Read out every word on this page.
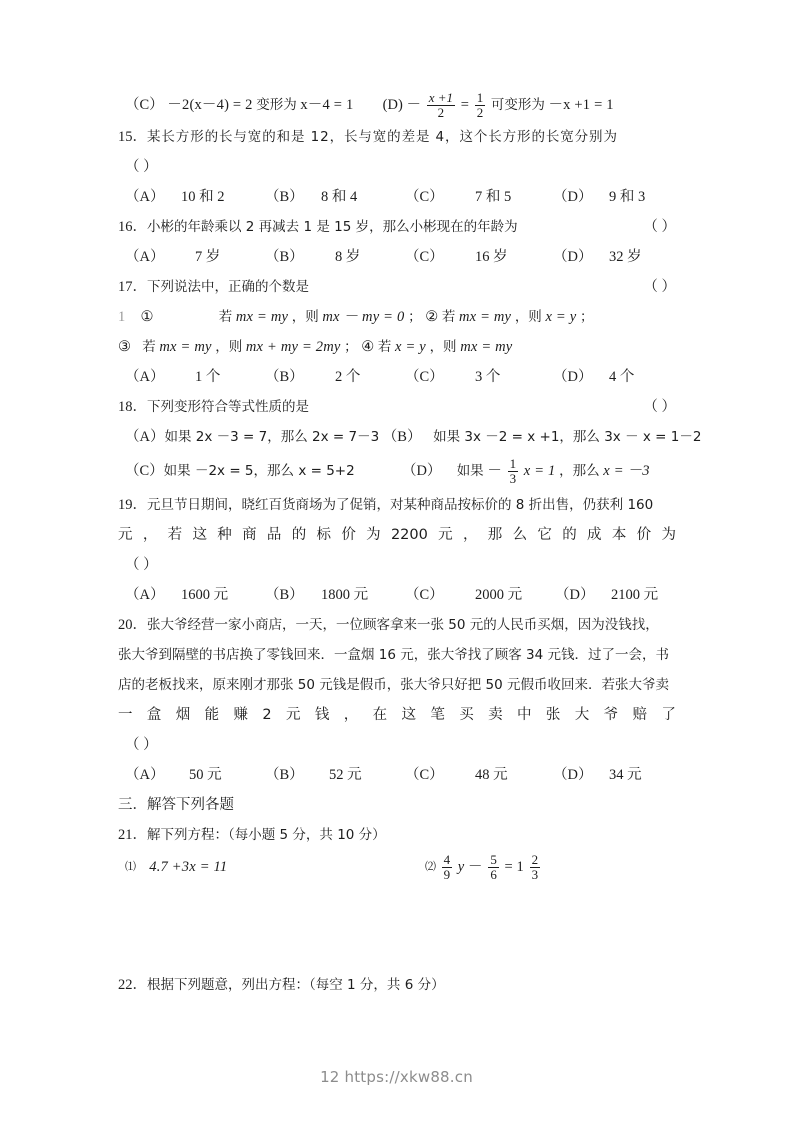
（C） －2(x－4) = 2 变形为 x－4 = 1 $(D) - \frac{x +1}{2} = \frac{1}{2}$ 可变形为 －x +1 = 1
15．某长方形的长与宽的和是 12，长与宽的差是 4，这个长方形的长宽分别为
（ ）
（A）	10 和 2	（B）	8 和 4	（C）	7 和 5	（D）	9 和 3
16．小彬的年龄乘以 2 再减去 1 是 15 岁，那么小彬现在的年龄为	（ ）
（A）	7 岁	（B）	8 岁	（C）	16 岁	（D）	32 岁
17．下列说法中，正确的个数是	（ ）
1 ①	若 mx = my ，则 mx － my = 0 ； ② 若 mx = my ，则 x = y ；
③ 若 mx = my ，则 mx + my = 2my ； ④ 若 x = y ，则 mx = my
（A）	1 个	（B）	2 个	（C）	3 个	（D）	4 个
18．下列变形符合等式性质的是	（ ）
（A）如果 2x －3 = 7，那么 2x = 7－3 （B） 如果 3x －2 = x +1，那么 3x － x = 1－2
（C）如果 －2x = 5，那么 x = 5+2	（D） 如果 － $\frac{1}{3}$ x = 1 ，那么 x = －3
19．元旦节日期间，晓红百货商场为了促销，对某种商品按标价的 8 折出售，仍获利 160
元 ， 若 这 种 商 品 的 标 价 为 2200 元 ， 那 么 它 的 成 本 价 为
（ ）
（A）	1600 元	（B）	1800 元	（C）	2000 元 （D）	2100 元
20．张大爷经营一家小商店，一天，一位顾客拿来一张 50 元的人民币买烟，因为没钱找，
张大爷到隔壁的书店换了零钱回来．一盒烟 16 元，张大爷找了顾客 34 元钱．过了一会，书
店的老板找来，原来刚才那张 50 元钱是假币，张大爷只好把 50 元假币收回来．若张大爷卖
一 盒 烟 能 赚 2 元 钱 ， 在 这 笔 买 卖 中 张 大 爷 赔 了
（ ）
（A）	50 元	（B）	52 元	（C）	48 元	（D）	34 元
三．解答下列各题
21．解下列方程：（每小题 5 分，共 10 分）
⑴ 4.7 +3x = 11	⑵ $\frac{4}{9}$ $y - \frac{5}{6} = 1 \frac{2}{3}$
22．根据下列题意，列出方程：（每空 1 分，共 6 分）
12 https://xkw88.cn
